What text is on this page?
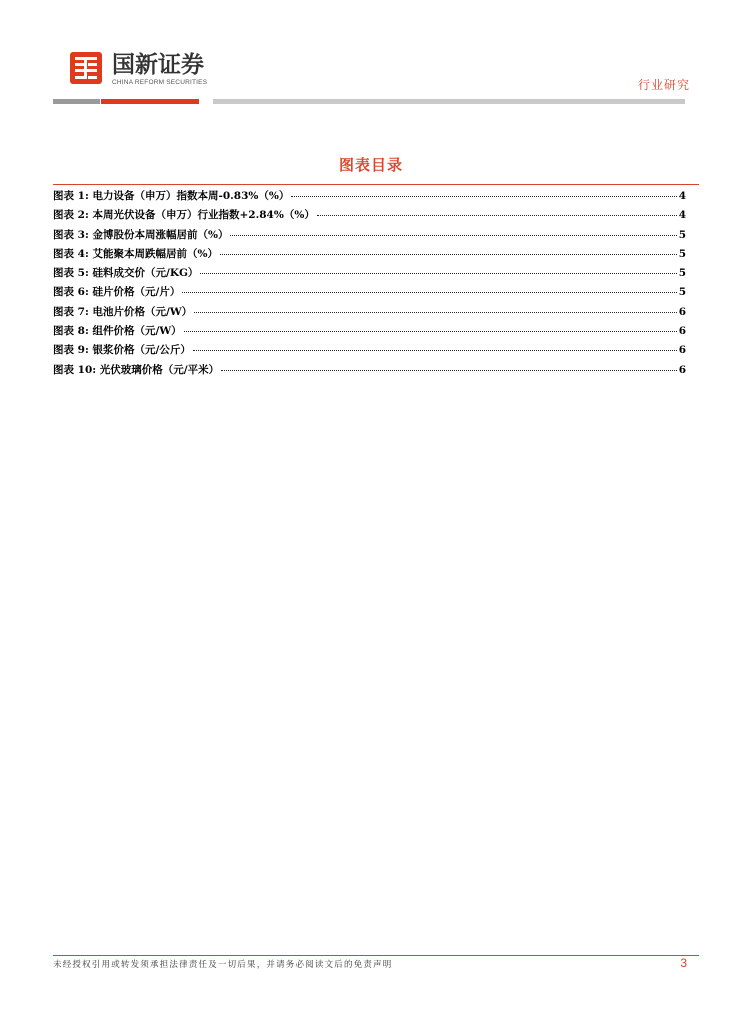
国新证券
CHINA REFORM SECURITIES	行业研究
图表目录
图表 1: 电力设备（申万）指数本周-0.83%（%）	4
图表 2: 本周光伏设备（申万）行业指数+2.84%（%）	4
图表 3: 金博股份本周涨幅居前（%）	5
图表 4: 艾能聚本周跌幅居前（%）	5
图表 5: 硅料成交价（元/KG）	5
图表 6: 硅片价格（元/片）	5
图表 7: 电池片价格（元/W）	6
图表 8: 组件价格（元/W）	6
图表 9: 银浆价格（元/公斤）	6
图表 10: 光伏玻璃价格（元/平米）	6
未经授权引用或转发须承担法律责任及一切后果，并请务必阅读文后的免责声明	3
